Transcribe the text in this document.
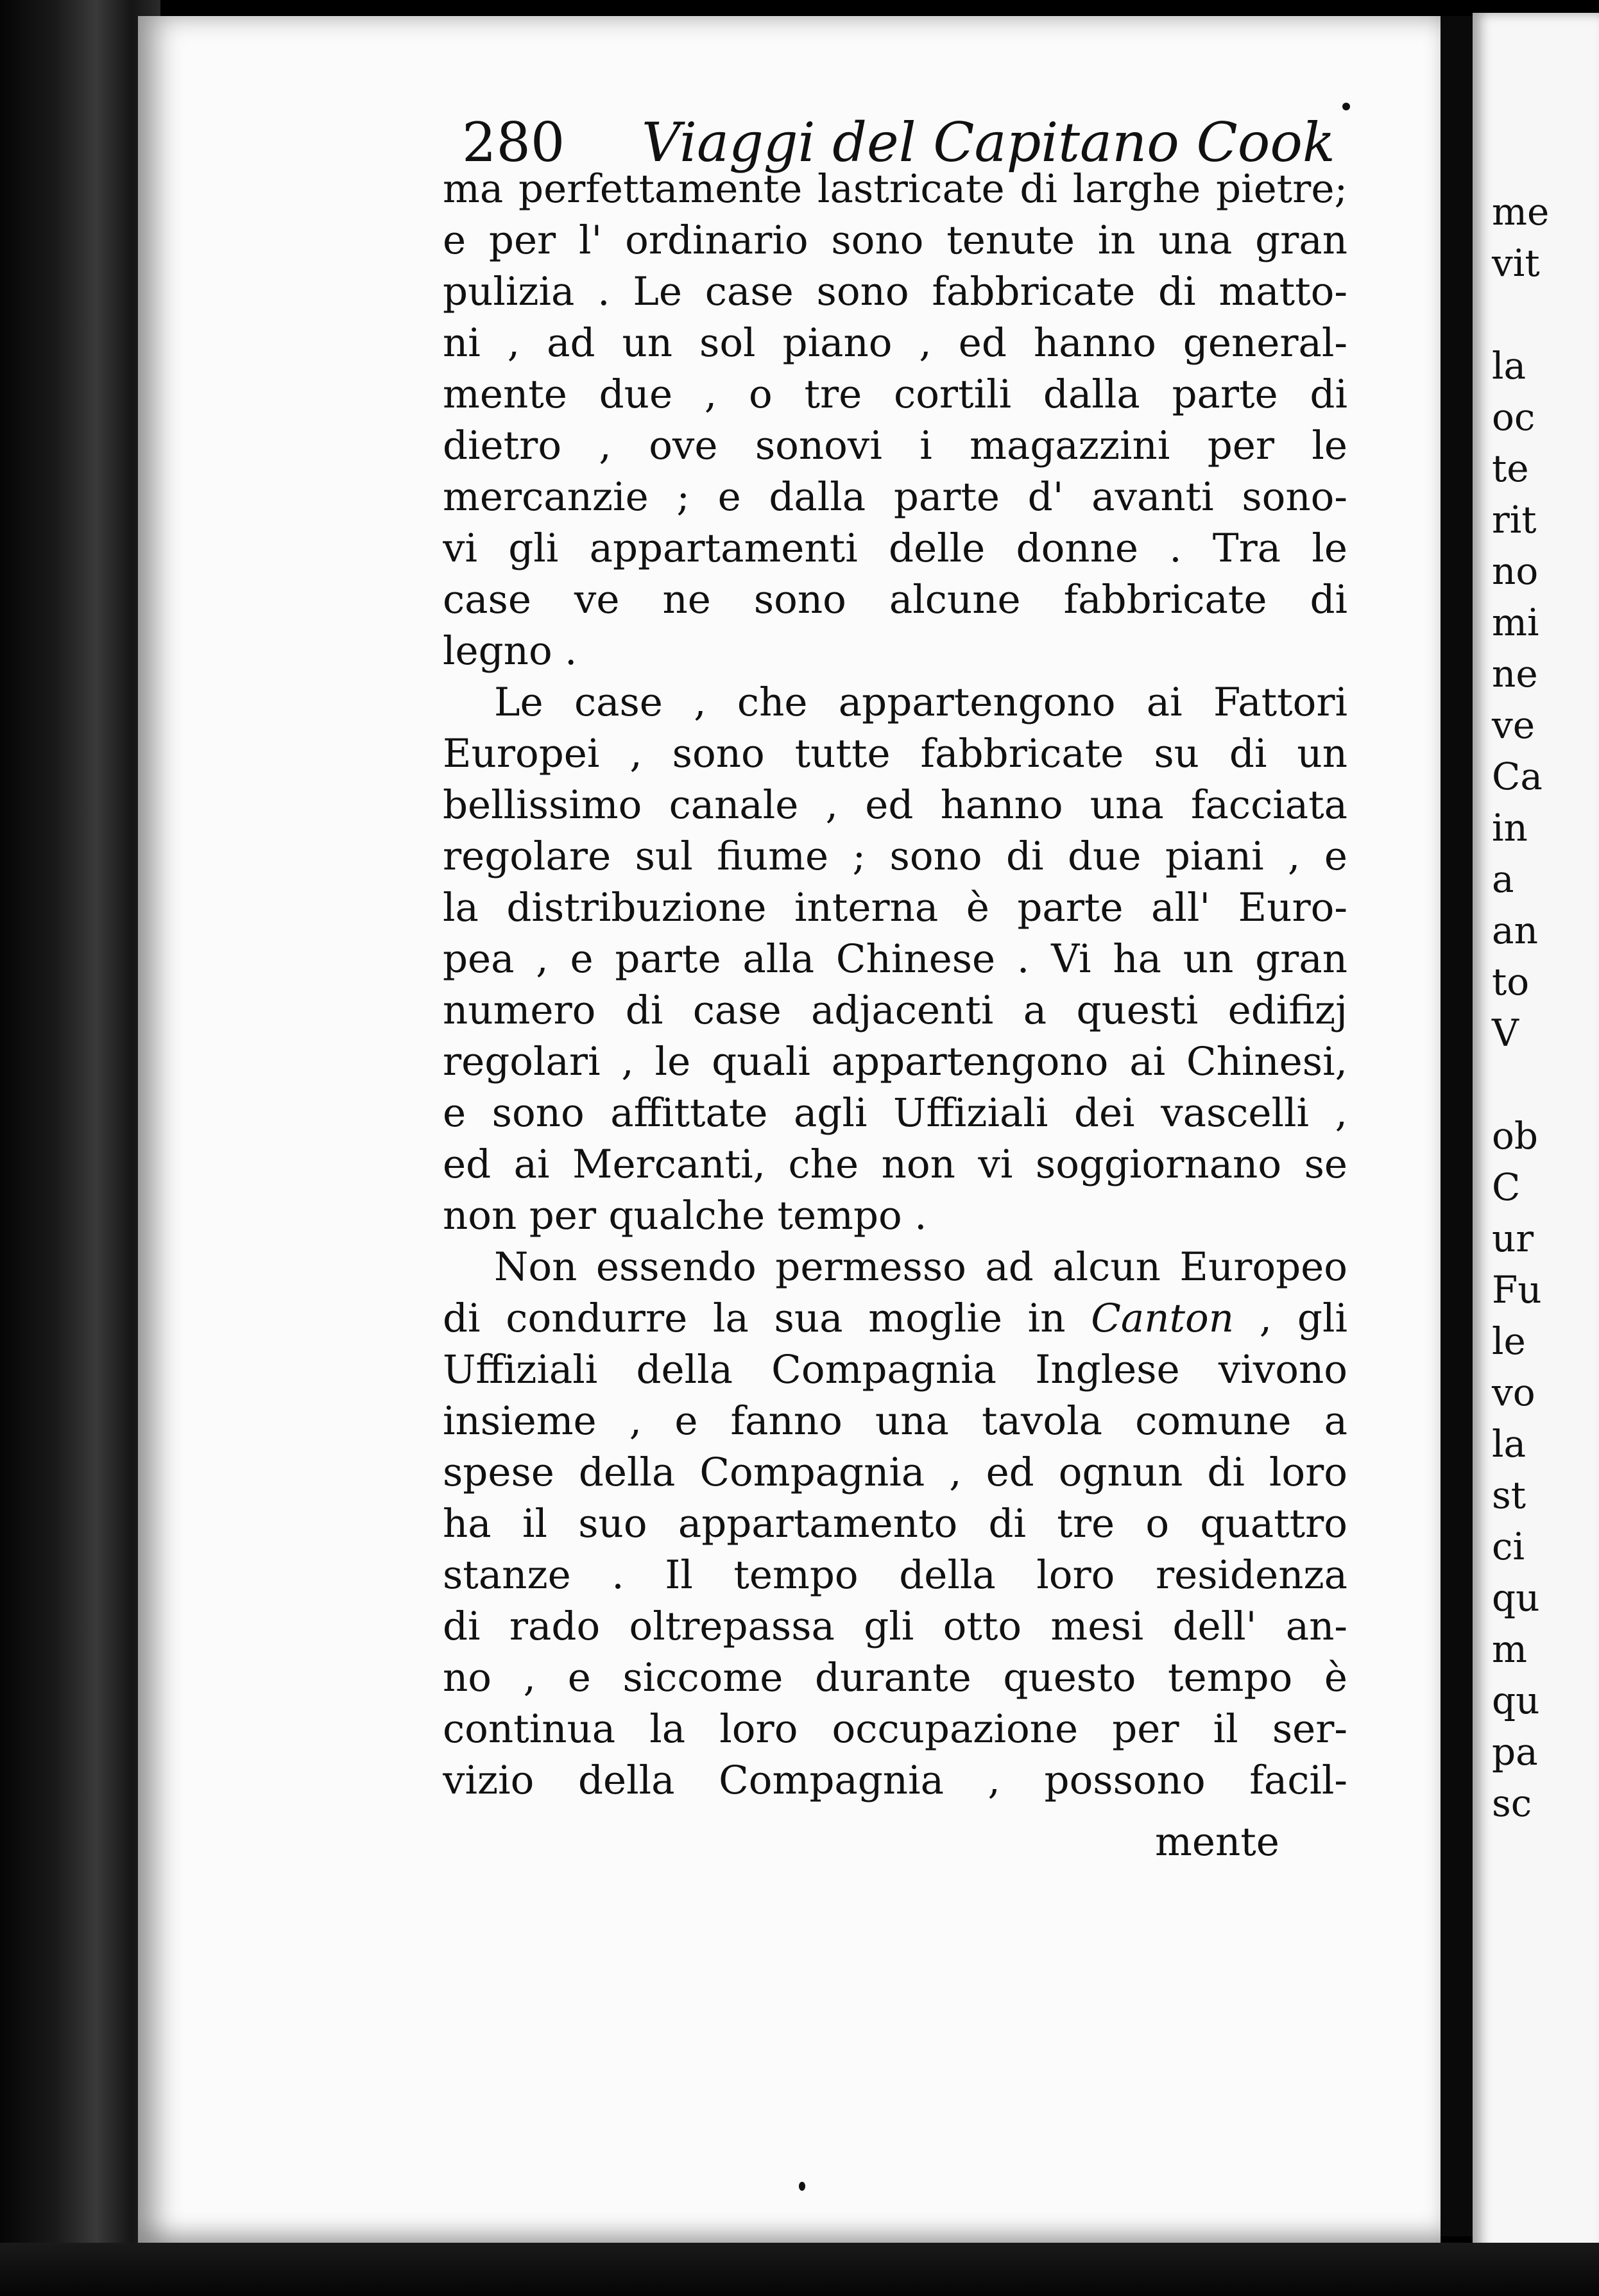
me
vit
la
oc
te
rit
no
mi
ne
ve
Ca
in
a
an
to
V
ob
C
ur
Fu
le
vo
la
st
ci
qu
m
qu
pa
sc
280 Viaggi del Capitano Cook
ma perfettamente lastricate di larghe pietre;
e per l' ordinario sono tenute in una gran
pulizia . Le case sono fabbricate di matto-
ni , ad un sol piano , ed hanno general-
mente due , o tre cortili dalla parte di
dietro , ove sonovi i magazzini per le
mercanzie ; e dalla parte d' avanti sono-
vi gli appartamenti delle donne . Tra le
case ve ne sono alcune fabbricate di
legno .
Le case , che appartengono ai Fattori
Europei , sono tutte fabbricate su di un
bellissimo canale , ed hanno una facciata
regolare sul fiume ; sono di due piani , e
la distribuzione interna è parte all' Euro-
pea , e parte alla Chinese . Vi ha un gran
numero di case adjacenti a questi edifizj
regolari , le quali appartengono ai Chinesi,
e sono affittate agli Uffiziali dei vascelli ,
ed ai Mercanti, che non vi soggiornano se
non per qualche tempo .
Non essendo permesso ad alcun Europeo
di condurre la sua moglie in Canton , gli
Uffiziali della Compagnia Inglese vivono
insieme , e fanno una tavola comune a
spese della Compagnia , ed ognun di loro
ha il suo appartamento di tre o quattro
stanze . Il tempo della loro residenza
di rado oltrepassa gli otto mesi dell' an-
no , e siccome durante questo tempo è
continua la loro occupazione per il ser-
vizio della Compagnia , possono facil-
mente
